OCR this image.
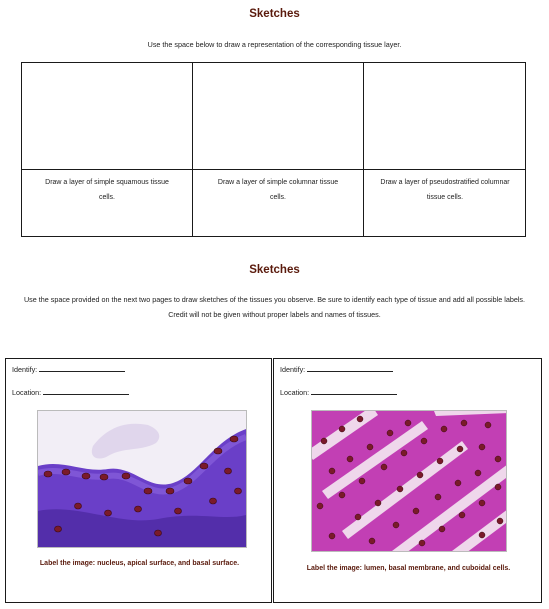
Sketches
Use the space below to draw a representation of the corresponding tissue layer.
Draw a layer of simple squamous tissue cells.
Draw a layer of simple columnar tissue cells.
Draw a layer of pseudostratified columnar tissue cells.
Sketches
Use the space provided on the next two pages to draw sketches of the tissues you observe. Be sure to identify each type of tissue and add all possible labels. Credit will not be given without proper labels and names of tissues.
Identify:
Location:
Label the image: nucleus, apical surface, and basal surface.
Identify:
Location:
Label the image: lumen, basal membrane, and cuboidal cells.
